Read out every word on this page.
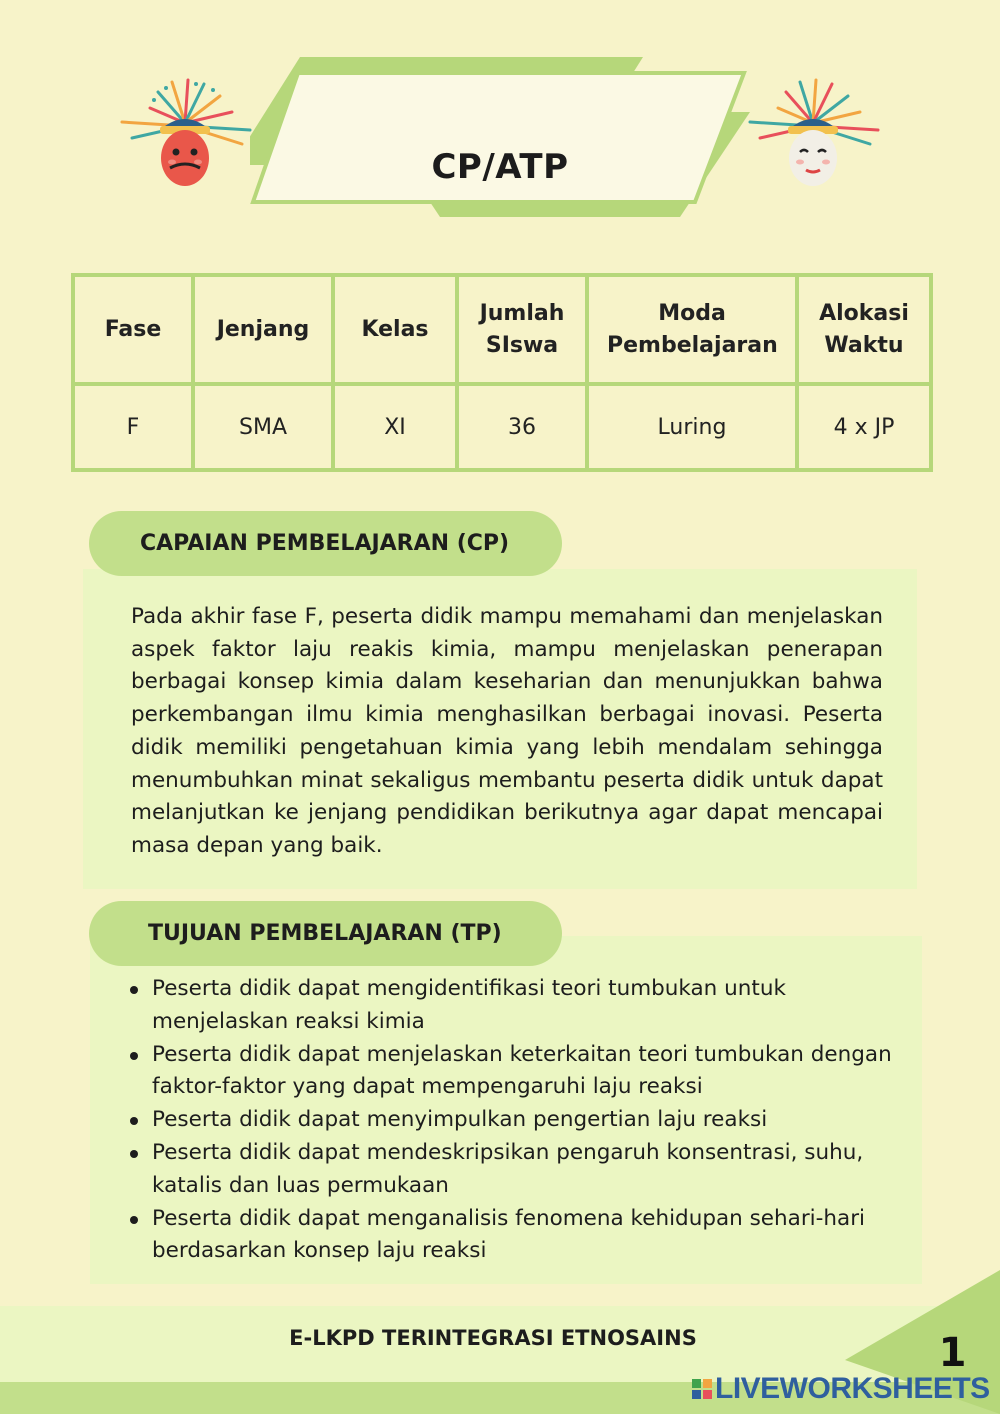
CP/ATP
Fase	Jenjang	Kelas	Jumlah SIswa	Moda Pembelajaran	Alokasi Waktu
F	SMA	XI	36	Luring	4 x JP
CAPAIAN PEMBELAJARAN (CP)

Pada akhir fase F, peserta didik mampu memahami dan menjelaskan aspek faktor laju reakis kimia, mampu menjelaskan penerapan berbagai konsep kimia dalam keseharian dan menunjukkan bahwa perkembangan ilmu kimia menghasilkan berbagai inovasi. Peserta didik memiliki pengetahuan kimia yang lebih mendalam sehingga menumbuhkan minat sekaligus membantu peserta didik untuk dapat melanjutkan ke jenjang pendidikan berikutnya agar dapat mencapai masa depan yang baik.

TUJUAN PEMBELAJARAN (TP)
Peserta didik dapat mengidentifikasi teori tumbukan untuk menjelaskan reaksi kimia
Peserta didik dapat menjelaskan keterkaitan teori tumbukan dengan faktor-faktor yang dapat mempengaruhi laju reaksi
Peserta didik dapat menyimpulkan pengertian laju reaksi
Peserta didik dapat mendeskripsikan pengaruh konsentrasi, suhu, katalis dan luas permukaan
Peserta didik dapat menganalisis fenomena kehidupan sehari-hari berdasarkan konsep laju reaksi
E-LKPD TERINTEGRASI ETNOSAINS	1
LIVEWORKSHEETS
